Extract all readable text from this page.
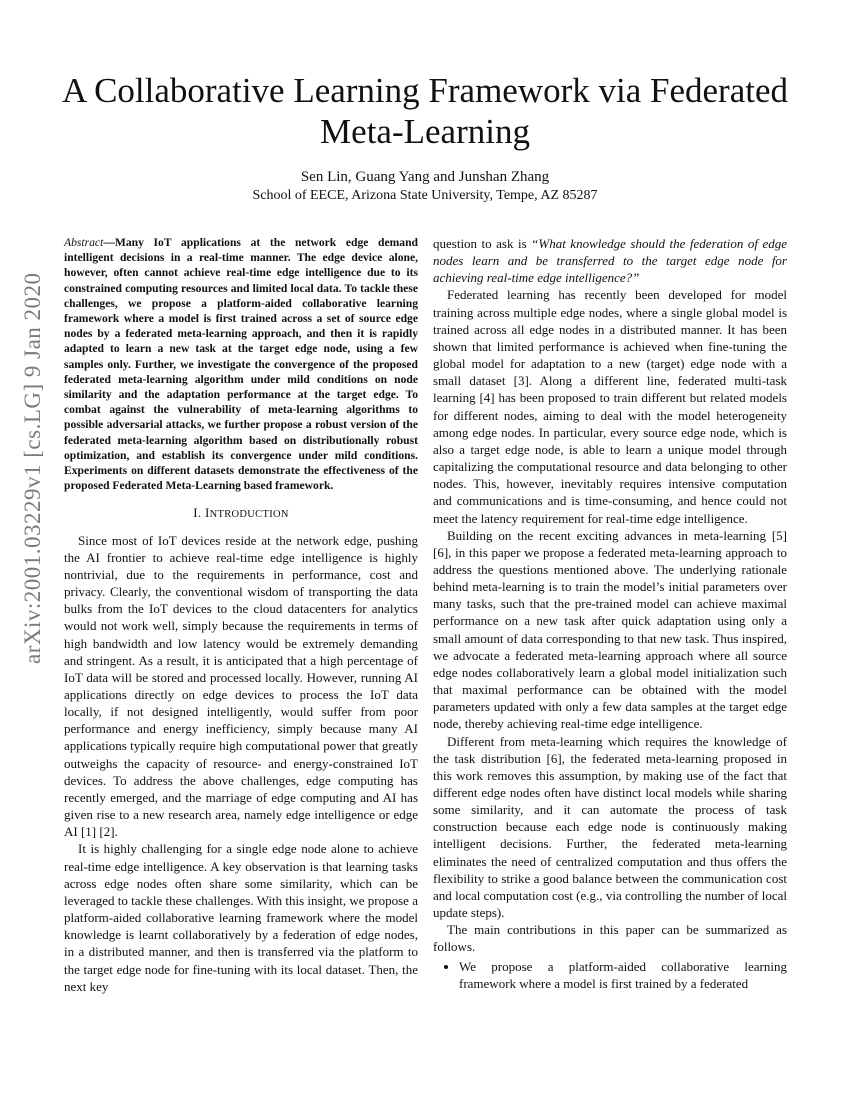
A Collaborative Learning Framework via Federated Meta-Learning
Sen Lin, Guang Yang and Junshan Zhang
School of EECE, Arizona State University, Tempe, AZ 85287
arXiv:2001.03229v1 [cs.LG] 9 Jan 2020
Abstract—Many IoT applications at the network edge demand intelligent decisions in a real-time manner. The edge device alone, however, often cannot achieve real-time edge intelligence due to its constrained computing resources and limited local data. To tackle these challenges, we propose a platform-aided collaborative learning framework where a model is first trained across a set of source edge nodes by a federated meta-learning approach, and then it is rapidly adapted to learn a new task at the target edge node, using a few samples only. Further, we investigate the convergence of the proposed federated meta-learning algorithm under mild conditions on node similarity and the adaptation performance at the target edge. To combat against the vulnerability of meta-learning algorithms to possible adversarial attacks, we further propose a robust version of the federated meta-learning algorithm based on distributionally robust optimization, and establish its convergence under mild conditions. Experiments on different datasets demonstrate the effectiveness of the proposed Federated Meta-Learning based framework.
I. INTRODUCTION

Since most of IoT devices reside at the network edge, pushing the AI frontier to achieve real-time edge intelligence is highly nontrivial, due to the requirements in performance, cost and privacy. Clearly, the conventional wisdom of transporting the data bulks from the IoT devices to the cloud datacenters for analytics would not work well, simply because the requirements in terms of high bandwidth and low latency would be extremely demanding and stringent. As a result, it is anticipated that a high percentage of IoT data will be stored and processed locally. However, running AI applications directly on edge devices to process the IoT data locally, if not designed intelligently, would suffer from poor performance and energy inefficiency, simply because many AI applications typically require high computational power that greatly outweighs the capacity of resource- and energy-constrained IoT devices. To address the above challenges, edge computing has recently emerged, and the marriage of edge computing and AI has given rise to a new research area, namely edge intelligence or edge AI [1] [2].

It is highly challenging for a single edge node alone to achieve real-time edge intelligence. A key observation is that learning tasks across edge nodes often share some similarity, which can be leveraged to tackle these challenges. With this insight, we propose a platform-aided collaborative learning framework where the model knowledge is learnt collaboratively by a federation of edge nodes, in a distributed manner, and then is transferred via the platform to the target edge node for fine-tuning with its local dataset. Then, the next key

question to ask is “What knowledge should the federation of edge nodes learn and be transferred to the target edge node for achieving real-time edge intelligence?”

Federated learning has recently been developed for model training across multiple edge nodes, where a single global model is trained across all edge nodes in a distributed manner. It has been shown that limited performance is achieved when fine-tuning the global model for adaptation to a new (target) edge node with a small dataset [3]. Along a different line, federated multi-task learning [4] has been proposed to train different but related models for different nodes, aiming to deal with the model heterogeneity among edge nodes. In particular, every source edge node, which is also a target edge node, is able to learn a unique model through capitalizing the computational resource and data belonging to other nodes. This, however, inevitably requires intensive computation and communications and is time-consuming, and hence could not meet the latency requirement for real-time edge intelligence.

Building on the recent exciting advances in meta-learning [5] [6], in this paper we propose a federated meta-learning approach to address the questions mentioned above. The underlying rationale behind meta-learning is to train the model’s initial parameters over many tasks, such that the pre-trained model can achieve maximal performance on a new task after quick adaptation using only a small amount of data corresponding to that new task. Thus inspired, we advocate a federated meta-learning approach where all source edge nodes collaboratively learn a global model initialization such that maximal performance can be obtained with the model parameters updated with only a few data samples at the target edge node, thereby achieving real-time edge intelligence.

Different from meta-learning which requires the knowledge of the task distribution [6], the federated meta-learning proposed in this work removes this assumption, by making use of the fact that different edge nodes often have distinct local models while sharing some similarity, and it can automate the process of task construction because each edge node is continuously making intelligent decisions. Further, the federated meta-learning eliminates the need of centralized computation and thus offers the flexibility to strike a good balance between the communication cost and local computation cost (e.g., via controlling the number of local update steps).

The main contributions in this paper can be summarized as follows.

• We propose a platform-aided collaborative learning framework where a model is first trained by a federated
